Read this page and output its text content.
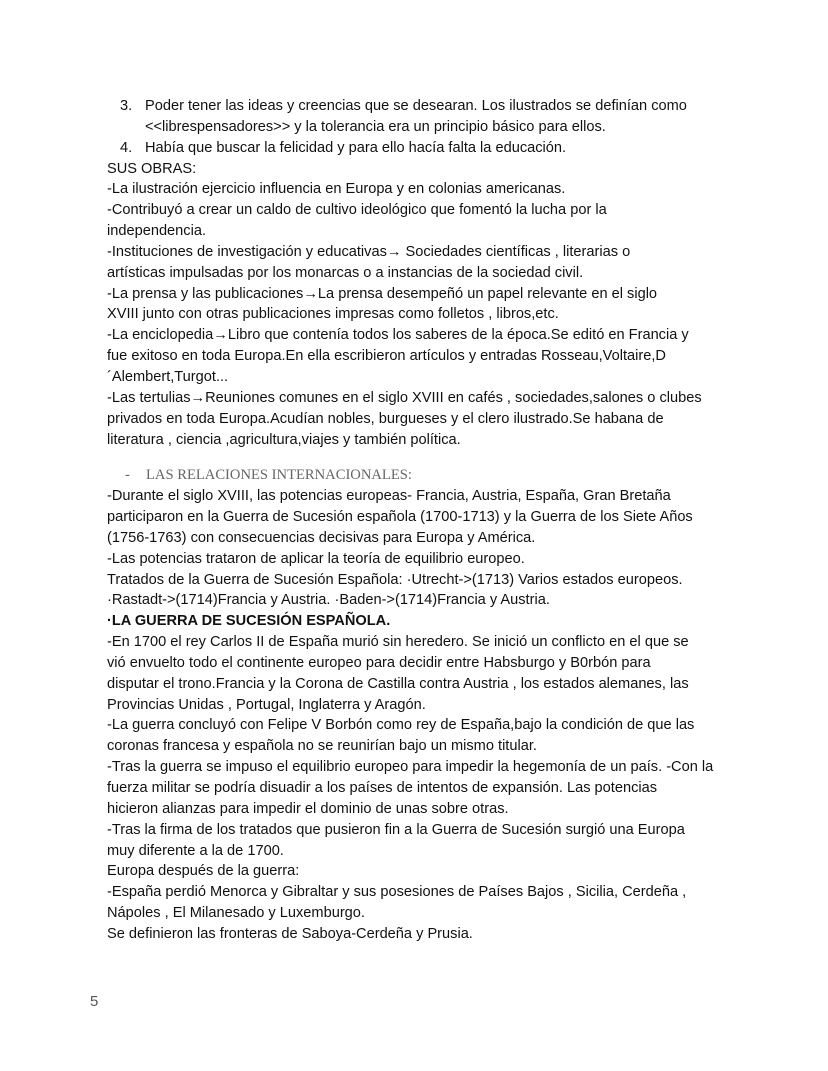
3. Poder tener las ideas y creencias que se desearan. Los ilustrados se definían como
<<librespensadores>> y la tolerancia era un principio básico para ellos.
4. Había que buscar la felicidad y para ello hacía falta la educación.
SUS OBRAS:
-La ilustración ejercicio influencia en Europa y en colonias americanas.
-Contribuyó a crear un caldo de cultivo ideológico que fomentó la lucha por la
independencia.
-Instituciones de investigación y educativas→ Sociedades científicas , literarias o
artísticas impulsadas por los monarcas o a instancias de la sociedad civil.
-La prensa y las publicaciones→La prensa desempeñó un papel relevante en el siglo
XVIII junto con otras publicaciones impresas como folletos , libros,etc.
-La enciclopedia→Libro que contenía todos los saberes de la época.Se editó en Francia y
fue exitoso en toda Europa.En ella escribieron artículos y entradas Rosseau,Voltaire,D
´Alembert,Turgot...
-Las tertulias→Reuniones comunes en el siglo XVIII en cafés , sociedades,salones o clubes
privados en toda Europa.Acudían nobles, burgueses y el clero ilustrado.Se habana de
literatura , ciencia ,agricultura,viajes y también política.
- LAS RELACIONES INTERNACIONALES:
-Durante el siglo XVIII, las potencias europeas- Francia, Austria, España, Gran Bretaña
participaron en la Guerra de Sucesión española (1700-1713) y la Guerra de los Siete Años
(1756-1763) con consecuencias decisivas para Europa y América.
-Las potencias trataron de aplicar la teoría de equilibrio europeo.
Tratados de la Guerra de Sucesión Española: ·Utrecht->(1713) Varios estados europeos.
·Rastadt->(1714)Francia y Austria. ·Baden->(1714)Francia y Austria.
·LA GUERRA DE SUCESIÓN ESPAÑOLA.
-En 1700 el rey Carlos II de España murió sin heredero. Se inició un conflicto en el que se
vió envuelto todo el continente europeo para decidir entre Habsburgo y B0rbón para
disputar el trono.Francia y la Corona de Castilla contra Austria , los estados alemanes, las
Provincias Unidas , Portugal, Inglaterra y Aragón.
-La guerra concluyó con Felipe V Borbón como rey de España,bajo la condición de que las
coronas francesa y española no se reunirían bajo un mismo titular.
-Tras la guerra se impuso el equilibrio europeo para impedir la hegemonía de un país. -Con la
fuerza militar se podría disuadir a los países de intentos de expansión. Las potencias
hicieron alianzas para impedir el dominio de unas sobre otras.
-Tras la firma de los tratados que pusieron fin a la Guerra de Sucesión surgió una Europa
muy diferente a la de 1700.
Europa después de la guerra:
-España perdió Menorca y Gibraltar y sus posesiones de Países Bajos , Sicilia, Cerdeña ,
Nápoles , El Milanesado y Luxemburgo.
Se definieron las fronteras de Saboya-Cerdeña y Prusia.
5
